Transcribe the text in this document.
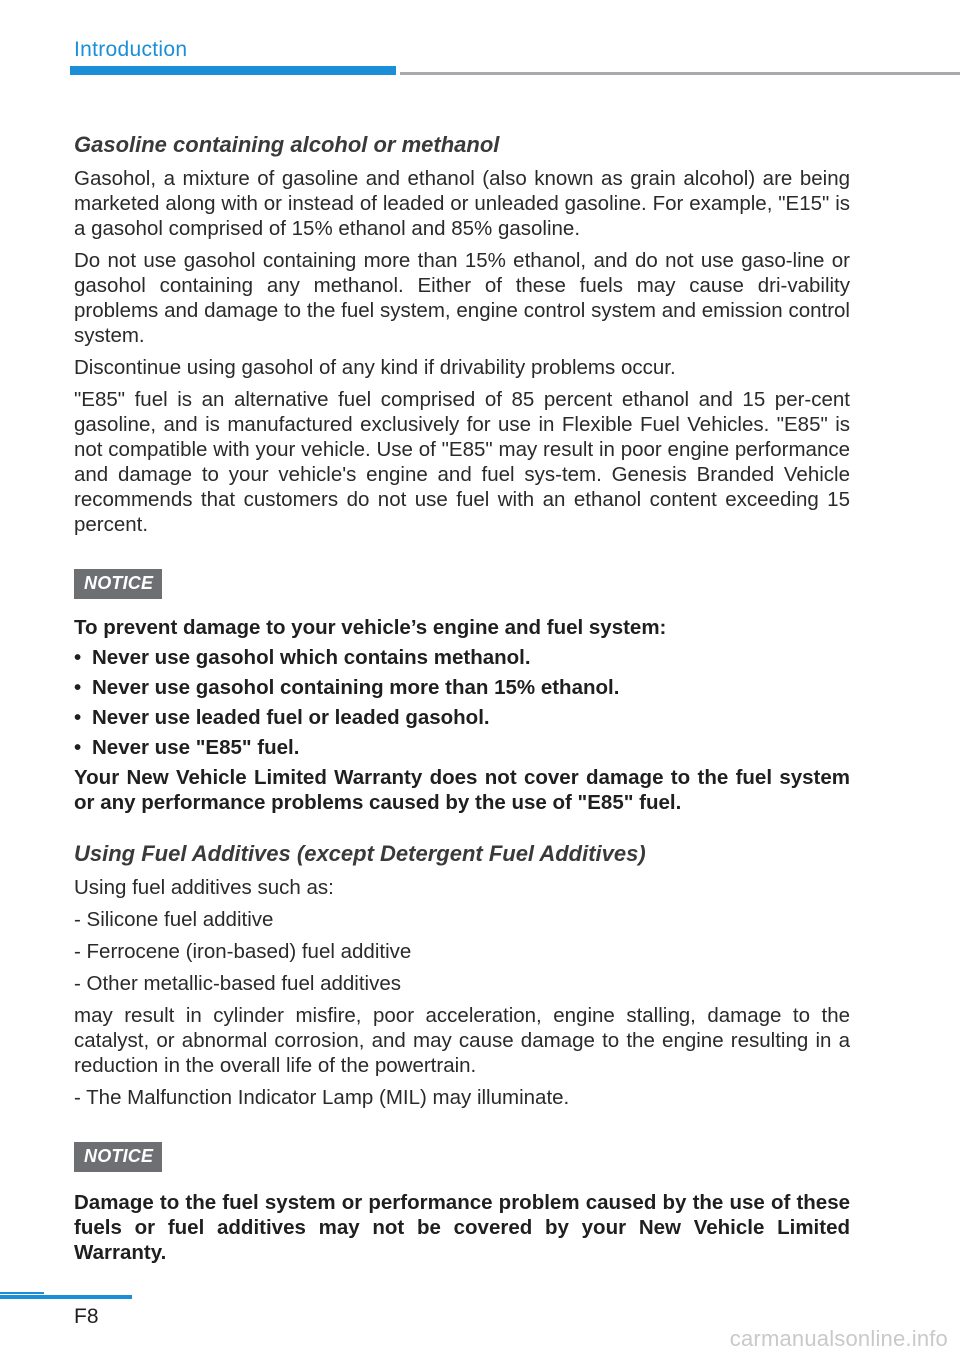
Introduction
Gasoline containing alcohol or methanol

Gasohol, a mixture of gasoline and ethanol (also known as grain alcohol) are being marketed along with or instead of leaded or unleaded gasoline. For example, "E15" is a gasohol comprised of 15% ethanol and 85% gasoline.

Do not use gasohol containing more than 15% ethanol, and do not use gaso-line or gasohol containing any methanol. Either of these fuels may cause dri-vability problems and damage to the fuel system, engine control system and emission control system.

Discontinue using gasohol of any kind if drivability problems occur.

"E85" fuel is an alternative fuel comprised of 85 percent ethanol and 15 per-cent gasoline, and is manufactured exclusively for use in Flexible Fuel Vehicles. "E85" is not compatible with your vehicle. Use of "E85" may result in poor engine performance and damage to your vehicle's engine and fuel sys-tem. Genesis Branded Vehicle recommends that customers do not use fuel with an ethanol content exceeding 15 percent.

NOTICE

To prevent damage to your vehicle’s engine and fuel system:

• Never use gasohol which contains methanol.

• Never use gasohol containing more than 15% ethanol.

• Never use leaded fuel or leaded gasohol.

• Never use "E85" fuel.

Your New Vehicle Limited Warranty does not cover damage to the fuel system or any performance problems caused by the use of "E85" fuel.

Using Fuel Additives (except Detergent Fuel Additives)

Using fuel additives such as:

- Silicone fuel additive

- Ferrocene (iron-based) fuel additive

- Other metallic-based fuel additives

may result in cylinder misfire, poor acceleration, engine stalling, damage to the catalyst, or abnormal corrosion, and may cause damage to the engine resulting in a reduction in the overall life of the powertrain.

- The Malfunction Indicator Lamp (MIL) may illuminate.

NOTICE

Damage to the fuel system or performance problem caused by the use of these fuels or fuel additives may not be covered by your New Vehicle Limited Warranty.

F8
carmanualsonline.info
